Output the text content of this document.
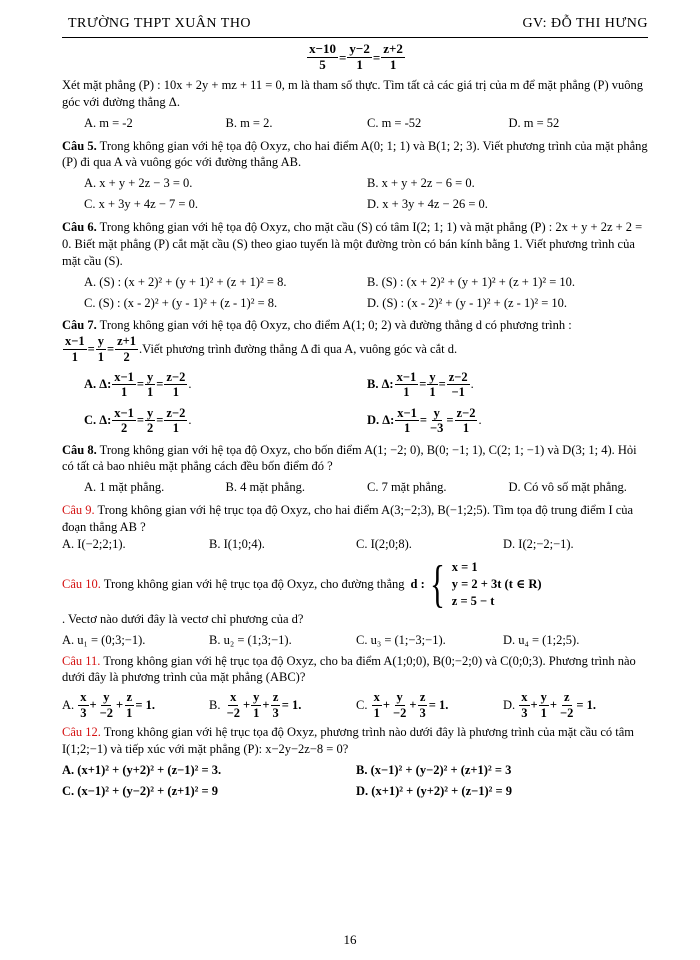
TRƯỜNG THPT XUÂN THO	GV: ĐỖ THI HƯNG
$\frac{x-10}{5} = \frac{y-2}{1} = \frac{z+2}{1}$

Xét mặt phẳng (P) : 10x + 2y + mz + 11 = 0, m là tham số thực. Tìm tất cả các giá trị của m để mặt phẳng (P) vuông góc với đường thẳng Δ.

A. m = -2	B. m = 2.	C. m = -52	D. m = 52

Câu 5. Trong không gian với hệ tọa độ Oxyz, cho hai điểm A(0; 1; 1) và B(1; 2; 3). Viết phương trình của mặt phẳng (P) đi qua A và vuông góc với đường thẳng AB.

A. x + y + 2z − 3 = 0.	B. x + y + 2z − 6 = 0.
C. x + 3y + 4z − 7 = 0.	D. x + 3y + 4z − 26 = 0.

Câu 6. Trong không gian với hệ tọa độ Oxyz, cho mặt cầu (S) có tâm I(2; 1; 1) và mặt phẳng (P) : 2x + y + 2z + 2 = 0. Biết mặt phẳng (P) cắt mặt cầu (S) theo giao tuyến là một đường tròn có bán kính bằng 1. Viết phương trình của mặt cầu (S).

A. (S) : (x + 2)² + (y + 1)² + (z + 1)² = 8.	B. (S) : (x + 2)² + (y + 1)² + (z + 1)² = 10.
C. (S) : (x - 2)² + (y - 1)² + (z - 1)² = 8.	D. (S) : (x - 2)² + (y - 1)² + (z - 1)² = 10.

Câu 7. Trong không gian với hệ tọa độ Oxyz, cho điểm A(1; 0; 2) và đường thẳng d có phương trình :

$\frac{x-1}{1} = \frac{y}{1} = \frac{z+1}{2}$ .Viết phương trình đường thẳng Δ đi qua A, vuông góc và cắt d.
A. Δ: $\frac{x-1}{1} = \frac{y}{1} = \frac{z-2}{1}$ .	B. Δ: $\frac{x-1}{1} = \frac{y}{1} = \frac{z-2}{-1}$ .
C. Δ: $\frac{x-1}{2} = \frac{y}{2} = \frac{z-2}{1}$ .	D. Δ: $\frac{x-1}{1} = \frac{y}{-3} = \frac{z-2}{1}$ .

Câu 8. Trong không gian với hệ tọa độ Oxyz, cho bốn điểm A(1; −2; 0), B(0; −1; 1), C(2; 1; −1) và D(3; 1; 4). Hỏi có tất cả bao nhiêu mặt phẳng cách đều bốn điểm đó ?

A. 1 mặt phẳng.	B. 4 mặt phẳng.	C. 7 mặt phẳng.	D. Có vô số mặt phẳng.

Câu 9. Trong không gian với hệ trục tọa độ Oxyz, cho hai điểm A(3;−2;3), B(−1;2;5). Tìm tọa độ trung điểm I của đoạn thẳng AB ?

A. I(−2;2;1).	B. I(1;0;4).	C. I(2;0;8).	D. I(2;−2;−1).
Câu 10. Trong không gian với hệ trục tọa độ Oxyz, cho đường thẳng d : { x = 1
y = 2 + 3t (t ∈ R)
z = 5 − t

. Vectơ nào dưới đây là vectơ chỉ phương của d?

A. u₁ = (0;3;−1).	B. u₂ = (1;3;−1).	C. u₃ = (1;−3;−1).	D. u₄ = (1;2;5).

Câu 11. Trong không gian với hệ trục tọa độ Oxyz, cho ba điểm A(1;0;0), B(0;−2;0) và C(0;0;3). Phương trình nào dưới đây là phương trình của mặt phẳng (ABC)?

A.
$\frac{x}{3} + \frac{y}{-2} + \frac{z}{1} = 1$.	B.
$\frac{x}{-2} + \frac{y}{1} + \frac{z}{3} = 1$.	C.
$\frac{x}{1} + \frac{y}{-2} + \frac{z}{3} = 1$.	D.
$\frac{x}{3} + \frac{y}{1} + \frac{z}{-2} = 1$.

Câu 12. Trong không gian với hệ trục tọa độ Oxyz, phương trình nào dưới đây là phương trình của mặt cầu có tâm I(1;2;−1) và tiếp xúc với mặt phẳng (P): x−2y−2z−8 = 0?

A. (x+1)² + (y+2)² + (z−1)² = 3.	B. (x−1)² + (y−2)² + (z+1)² = 3
C. (x−1)² + (y−2)² + (z+1)² = 9	D. (x+1)² + (y+2)² + (z−1)² = 9
16
